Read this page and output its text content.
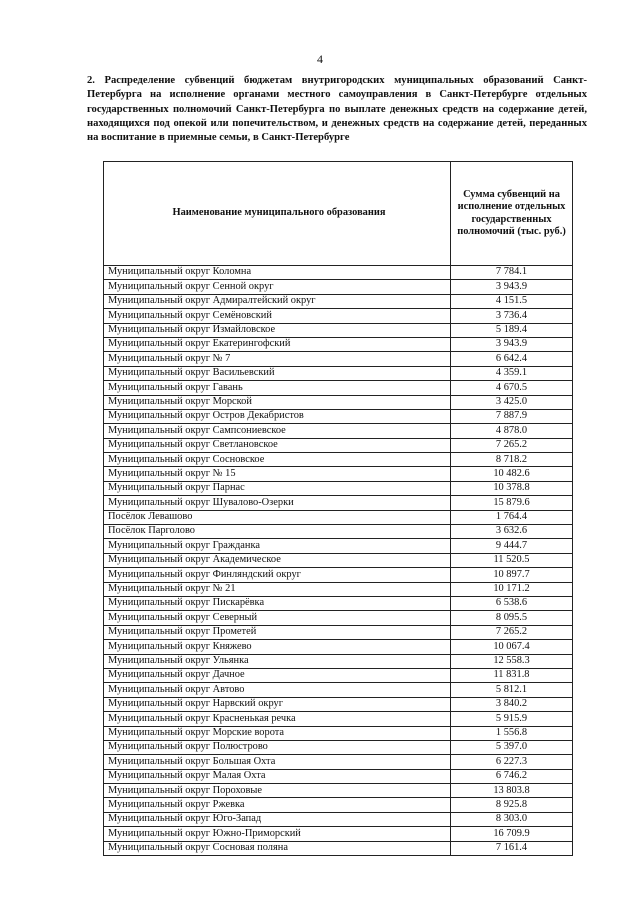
4
2. Распределение субвенций бюджетам внутригородских муниципальных образований Санкт-Петербурга на исполнение органами местного самоуправления в Санкт-Петербурге отдельных государственных полномочий Санкт-Петербурга по выплате денежных средств на содержание детей, находящихся под опекой или попечительством, и денежных средств на содержание детей, переданных на воспитание в приемные семьи, в Санкт-Петербурге
Наименование муниципального образования	Сумма субвенций на исполнение отдельных государственных полномочий (тыс. руб.)
Муниципальный округ Коломна	7 784.1
Муниципальный округ Сенной округ	3 943.9
Муниципальный округ Адмиралтейский округ	4 151.5
Муниципальный округ Семёновский	3 736.4
Муниципальный округ Измайловское	5 189.4
Муниципальный округ Екатерингофский	3 943.9
Муниципальный округ № 7	6 642.4
Муниципальный округ Васильевский	4 359.1
Муниципальный округ Гавань	4 670.5
Муниципальный округ Морской	3 425.0
Муниципальный округ Остров Декабристов	7 887.9
Муниципальный округ Сампсониевское	4 878.0
Муниципальный округ Светлановское	7 265.2
Муниципальный округ Сосновское	8 718.2
Муниципальный округ № 15	10 482.6
Муниципальный округ Парнас	10 378.8
Муниципальный округ Шувалово-Озерки	15 879.6
Посёлок Левашово	1 764.4
Посёлок Парголово	3 632.6
Муниципальный округ Гражданка	9 444.7
Муниципальный округ Академическое	11 520.5
Муниципальный округ Финляндский округ	10 897.7
Муниципальный округ № 21	10 171.2
Муниципальный округ Пискарёвка	6 538.6
Муниципальный округ Северный	8 095.5
Муниципальный округ Прометей	7 265.2
Муниципальный округ Княжево	10 067.4
Муниципальный округ Ульянка	12 558.3
Муниципальный округ Дачное	11 831.8
Муниципальный округ Автово	5 812.1
Муниципальный округ Нарвский округ	3 840.2
Муниципальный округ Красненькая речка	5 915.9
Муниципальный округ Морские ворота	1 556.8
Муниципальный округ Полюстрово	5 397.0
Муниципальный округ Большая Охта	6 227.3
Муниципальный округ Малая Охта	6 746.2
Муниципальный округ Пороховые	13 803.8
Муниципальный округ Ржевка	8 925.8
Муниципальный округ Юго-Запад	8 303.0
Муниципальный округ Южно-Приморский	16 709.9
Муниципальный округ Сосновая поляна	7 161.4
